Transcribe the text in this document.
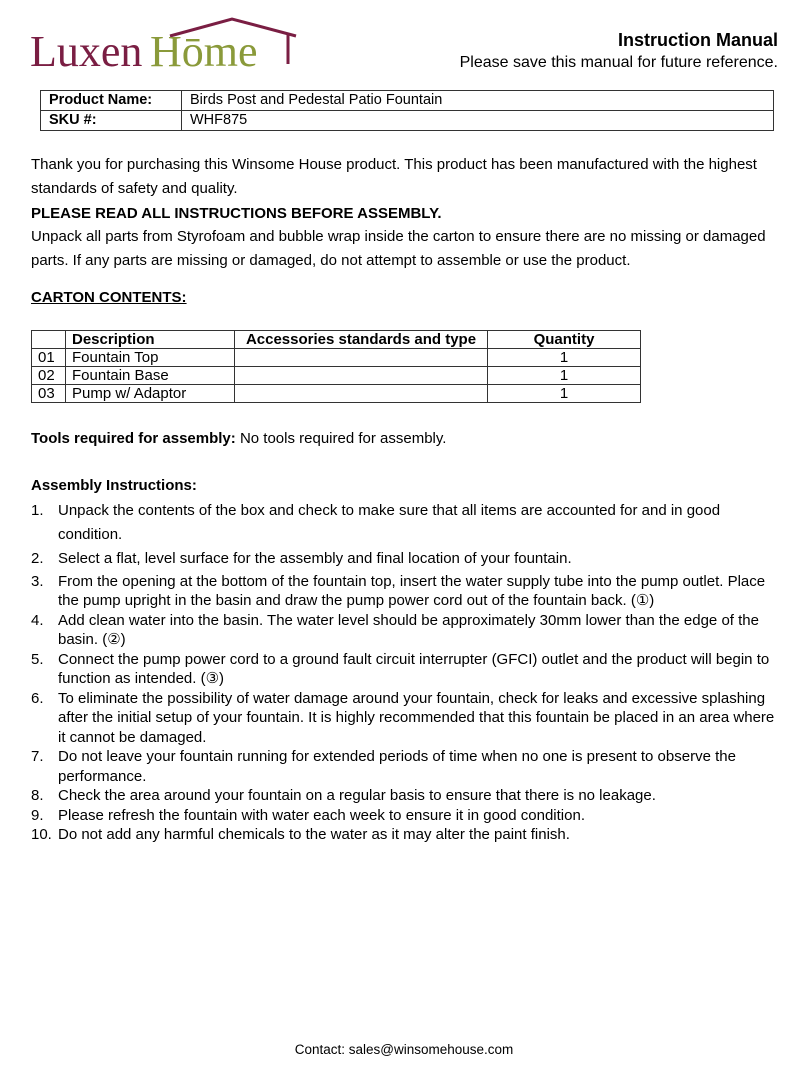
Luxen Hōme	Instruction Manual
Please save this manual for future reference.
Product Name:	Birds Post and Pedestal Patio Fountain
SKU #:	WHF875
Thank you for purchasing this Winsome House product. This product has been manufactured with the highest standards of safety and quality.
PLEASE READ ALL INSTRUCTIONS BEFORE ASSEMBLY.
Unpack all parts from Styrofoam and bubble wrap inside the carton to ensure there are no missing or damaged parts. If any parts are missing or damaged, do not attempt to assemble or use the product.
CARTON CONTENTS:
	Description	Accessories standards and type	Quantity
01	Fountain Top		1
02	Fountain Base		1
03	Pump w/ Adaptor		1
Tools required for assembly: No tools required for assembly.
Assembly Instructions:
1. Unpack the contents of the box and check to make sure that all items are accounted for and in good condition.
2. Select a flat, level surface for the assembly and final location of your fountain.
3. From the opening at the bottom of the fountain top, insert the water supply tube into the pump outlet. Place the pump upright in the basin and draw the pump power cord out of the fountain back. (①)
4. Add clean water into the basin. The water level should be approximately 30mm lower than the edge of the basin. (②)
5. Connect the pump power cord to a ground fault circuit interrupter (GFCI) outlet and the product will begin to function as intended. (③)
6. To eliminate the possibility of water damage around your fountain, check for leaks and excessive splashing after the initial setup of your fountain. It is highly recommended that this fountain be placed in an area where it cannot be damaged.
7. Do not leave your fountain running for extended periods of time when no one is present to observe the performance.
8. Check the area around your fountain on a regular basis to ensure that there is no leakage.
9. Please refresh the fountain with water each week to ensure it in good condition.
10. Do not add any harmful chemicals to the water as it may alter the paint finish.
Contact: sales@winsomehouse.com
